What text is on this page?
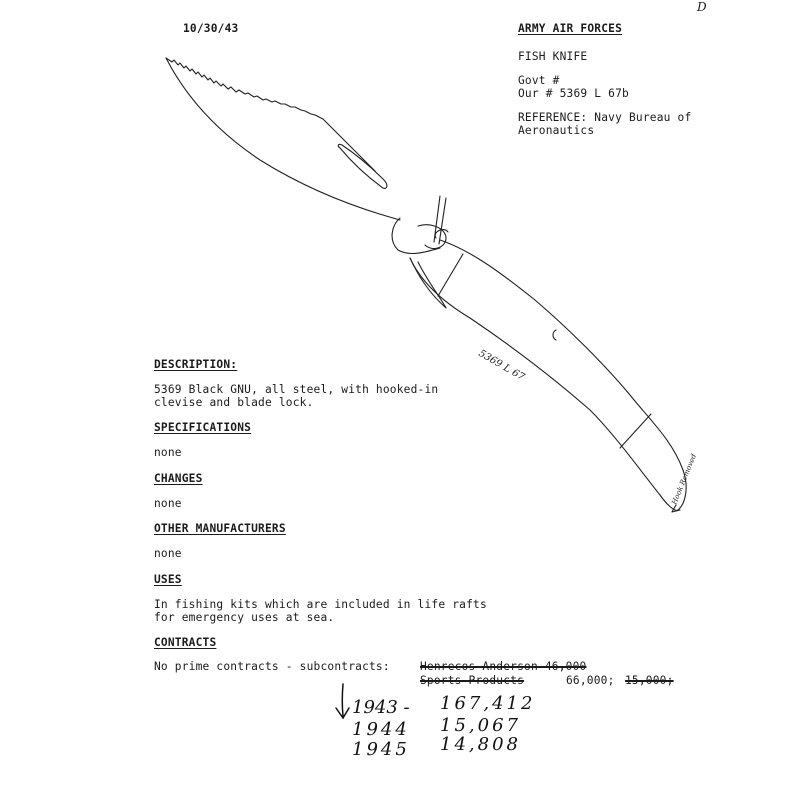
D
10/30/43	ARMY AIR FORCES
FISH KNIFE
Govt #
Our # 5369 L 67b
REFERENCE: Navy Bureau of
Aeronautics
5369 L 67
Hook Removed
DESCRIPTION:
5369 Black GNU, all steel, with hooked-in
clevise and blade lock.
SPECIFICATIONS
none
CHANGES
none
OTHER MANUFACTURERS
none
USES
In fishing kits which are included in life rafts
for emergency uses at sea.
CONTRACTS
No prime contracts - subcontracts:	Henrecos Anderson 46,000
Sports Products	66,000; 15,000;
1943 - 167,412
1944 15,067
1945 14,808
